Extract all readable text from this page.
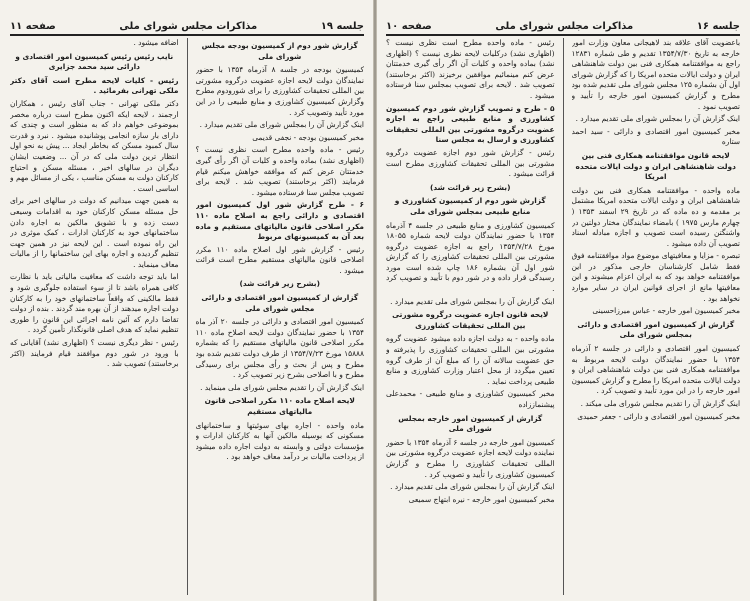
جلسه ۱۹
مذاکرات مجلس شورای ملی
صفحه ۱۱

گزارش شور دوم از کمیسیون بودجه مجلس شورای ملی

کمیسیون بودجه در جلسه ۸ آذرماه ۱۳۵۴ با حضور نمایندگان دولت لایحه اجازه عضویت درگروه مشورتی بین المللی تحقیقات کشاورزی را برای شورودوم مطرح وگزارش کمیسیون کشاورزی و منابع طبیعی را در این مورد تأیید وتصویب کرد .

اینک گزارش آن را بمجلس شورای ملی تقدیم میدارد .

مخبر کمیسیون بودجه - نجفی قدیمی

رئیس - ماده واحده مطرح است نظری نیست ؟ (اظهاری نشد) بماده واحده و کلیات آن اگر رأی گیری خدمتتان عرض کنم که موافقه خواهش میکنم قیام فرمایند (اکثر برخاستند) تصویب شد . لایحه برای تصویب مجلس سنا فرستاده میشود .

۶ - طرح گزارش شور اول کمیسیون امور اقتصادی و دارائی راجع به اصلاح ماده ۱۱۰ مکرر اصلاحی قانون مالیاتهای مستقیم و ماده بعد آن به کمیسیونهای مربوط

رئیس - گزارش شور اول اصلاح ماده ۱۱۰ مکرر اصلاحی قانون مالیاتهای مستقیم مطرح است قرائت میشود .

(بشرح زیر قرائت شد)

گزارش از کمیسیون امور اقتصادی و دارائی مجلس شورای ملی

کمیسیون امور اقتصادی و دارائی در جلسه ۲۰ آذر ماه ۱۳۵۴ با حضور نمایندگان دولت لایحه اصلاح ماده ۱۱۰ مکرر اصلاحی قانون مالیاتهای مستقیم را که بشماره ۱۵۸۸۸ مورخ ۱۳۵۴/۷/۲۳ از طرف دولت تقدیم شده بود مطرح و پس از بحث و رأی مجلس برای رسیدگی مطرح و با اصلاحی بشرح زیر تصویب کرد .

اینک گزارش آن را تقدیم مجلس شورای ملی مینماید .

لایحه اصلاح ماده ۱۱۰ مکرر اصلاحی قانون مالیاتهای مستقیم

ماده واحده - اجاره بهای سوئیتها و ساختمانهای مسکونی که بوسیله مالکین آنها به کارکنان ادارات و مؤسسات دولتی و وابسته به دولت اجاره داده میشود از پرداخت مالیات بر درآمد معاف خواهد بود .

اضافه میشود .

نایب رئیس رئیس کمیسیون امور اقتصادی و دارائی سید محمد جزایری

رئیس - کلیات لایحه مطرح است آقای دکتر ملکی تهرانی بفرمائید .

دکتر ملکی تهرانی - جناب آقای رئیس ، همکاران ارجمند ، لایحه ایکه اکنون مطرح است درباره مخصر بموضوعی خواهم داد که به منظور است و چندی که دارای بار سازه انجامی پوشانیده میشود . نبرد و قدرت سال کمبود مسکن که بخاطر ایجاد ... پیش به نحو اول انتظار ترین دولت ملی که در آن ... وضعیت ایشان دیگران در سالهای اخیر ، مسئله مسکن و احتیاج کارکنان دولت به مسکن مناسب ، یکی از مسائل مهم و اساسی است .

به همین جهت میدانیم که دولت در سالهای اخیر برای حل مسئله مسکن کارکنان خود به اقدامات وسیعی دست زده و با تشویق مالکین به اجاره دادن ساختمانهای خود به کارکنان ادارات ، کمک موثری در این راه نموده است . این لایحه نیز در همین جهت تنظیم گردیده و اجاره بهای این ساختمانها را از مالیات معاف مینماید .

اما باید توجه داشت که معافیت مالیاتی باید با نظارت کافی همراه باشد تا از سوء استفاده جلوگیری شود و فقط مالکینی که واقعاً ساختمانهای خود را به کارکنان دولت اجاره میدهند از آن بهره مند گردند . بنده از دولت تقاضا دارم که آئین نامه اجرائی این قانون را طوری تنظیم نماید که هدف اصلی قانونگذار تأمین گردد .

رئیس - نظر دیگری نیست ؟ (اظهاری نشد) آقایانی که با ورود در شور دوم موافقند قیام فرمایند (اکثر برخاستند) تصویب شد .

جلسه ۱۶
مذاکرات مجلس شورای ملی
صفحه ۱۰

باعضویت آقای علاقه بند لاهیجانی معاون وزارت امور خارجه به تاریخ ۱۳۵۴/۷/۳۰ تقدیم و طی شماره ۱۲۸۳۱ راجع به موافقتنامه همکاری فنی بین دولت شاهنشاهی ایران و دولت ایالات متحده امریکا را که گزارش شورای اول آن بشماره ۱۲۵ مجلس شورای ملی تقدیم شده بود مطرح و گزارش کمیسیون امور خارجه را تأیید و تصویب نمود .

اینک گزارش آن را بمجلس شورای ملی تقدیم میدارد .

مخبر کمیسیون امور اقتصادی و دارائی - سید احمد ستاره

لایحه قانون موافقتنامه همکاری فنی بین دولت شاهنشاهی ایران و دولت ایالات متحده امریکا

ماده واحده - موافقتنامه همکاری فنی بین دولت شاهنشاهی ایران و دولت ایالات متحده امریکا مشتمل بر مقدمه و ده ماده که در تاریخ ۲۹ اسفند ۱۳۵۳ ( چهارم مارس ۱۹۷۵ ) بامضاء نمایندگان مختار دولتین در واشنگتن رسیده است تصویب و اجازه مبادله اسناد تصویب آن داده میشود .

تبصره - مزایا و معافیتهای موضوع مواد موافقتنامه فوق فقط شامل کارشناسان خارجی مذکور در این موافقتنامه خواهد بود که به ایران اعزام میشوند و این معافیتها مانع از اجرای قوانین ایران در سایر موارد نخواهد بود .

مخبر کمیسیون امور خارجه - عباس میرزاحسینی

گزارش از کمیسیون امور اقتصادی و دارائی بمجلس شورای ملی

کمیسیون امور اقتصادی و دارائی در جلسه ۲ آذرماه ۱۳۵۴ با حضور نمایندگان دولت لایحه مربوط به موافقتنامه همکاری فنی بین دولت شاهنشاهی ایران و دولت ایالات متحده امریکا را مطرح و گزارش کمیسیون امور خارجه را در این مورد تأیید و تصویب کرد .

اینک گزارش آن را تقدیم مجلس شورای ملی میکند .

مخبر کمیسیون امور اقتصادی و دارائی - جعفر حمیدی

رئیس - ماده واحده مطرح است نظری نیست ؟ (اظهاری نشد) درکلیات لایحه نظری نیست ؟ (اظهاری نشد) بماده واحده و کلیات آن اگر رأی گیری خدمتتان عرض کنم مینمائیم موافقین برخیزند (اکثر برخاستند) تصویب شد . لایحه برای تصویب بمجلس سنا فرستاده میشود .

۵ - طرح و تصویب گزارش شور دوم کمیسیون کشاورزی و منابع طبیعی راجع به اجازه عضویت درگروه مشورتی بین المللی تحقیقات کشاورزی و ارسال به مجلس سنا

رئیس - گزارش شور دوم اجازه عضویت درگروه مشورتی بین المللی تحقیقات کشاورزی مطرح است قرائت میشود .

(بشرح زیر قرائت شد)

گزارش شور دوم از کمیسیون کشاورزی و منابع طبیعی بمجلس شورای ملی

کمیسیون کشاورزی و منابع طبیعی در جلسه ۴ آذرماه ۱۳۵۴ با حضور نمایندگان دولت لایحه شماره ۱۸۰۵۵ مورخ ۱۳۵۴/۷/۲۸ راجع به اجازه عضویت درگروه مشورتی بین المللی تحقیقات کشاورزی را که گزارش شور اول آن بشماره ۱۸۶ چاپ شده است مورد رسیدگی قرار داده و در شور دوم با تأیید و تصویب کرد .

اینک گزارش آن را بمجلس شورای ملی تقدیم میدارد .

لایحه قانون اجازه عضویت درگروه مشورتی بین المللی تحقیقات کشاورزی

ماده واحده - به دولت اجازه داده میشود عضویت گروه مشورتی بین المللی تحقیقات کشاورزی را پذیرفته و حق عضویت سالانه آن را که مبلغ آن از طرف گروه تعیین میگردد از محل اعتبار وزارت کشاورزی و منابع طبیعی پرداخت نماید .

مخبر کمیسیون کشاورزی و منابع طبیعی - محمدعلی پیشنماززاده

گزارش از کمیسیون امور خارجه بمجلس شورای ملی

کمیسیون امور خارجه در جلسه ۶ آذرماه ۱۳۵۴ با حضور نماینده دولت لایحه اجازه عضویت درگروه مشورتی بین المللی تحقیقات کشاورزی را مطرح و گزارش کمیسیون کشاورزی را تأیید و تصویب کرد .

اینک گزارش آن را بمجلس شورای ملی تقدیم میدارد .

مخبر کمیسیون امور خارجه - نیره ابتهاج سمیعی
